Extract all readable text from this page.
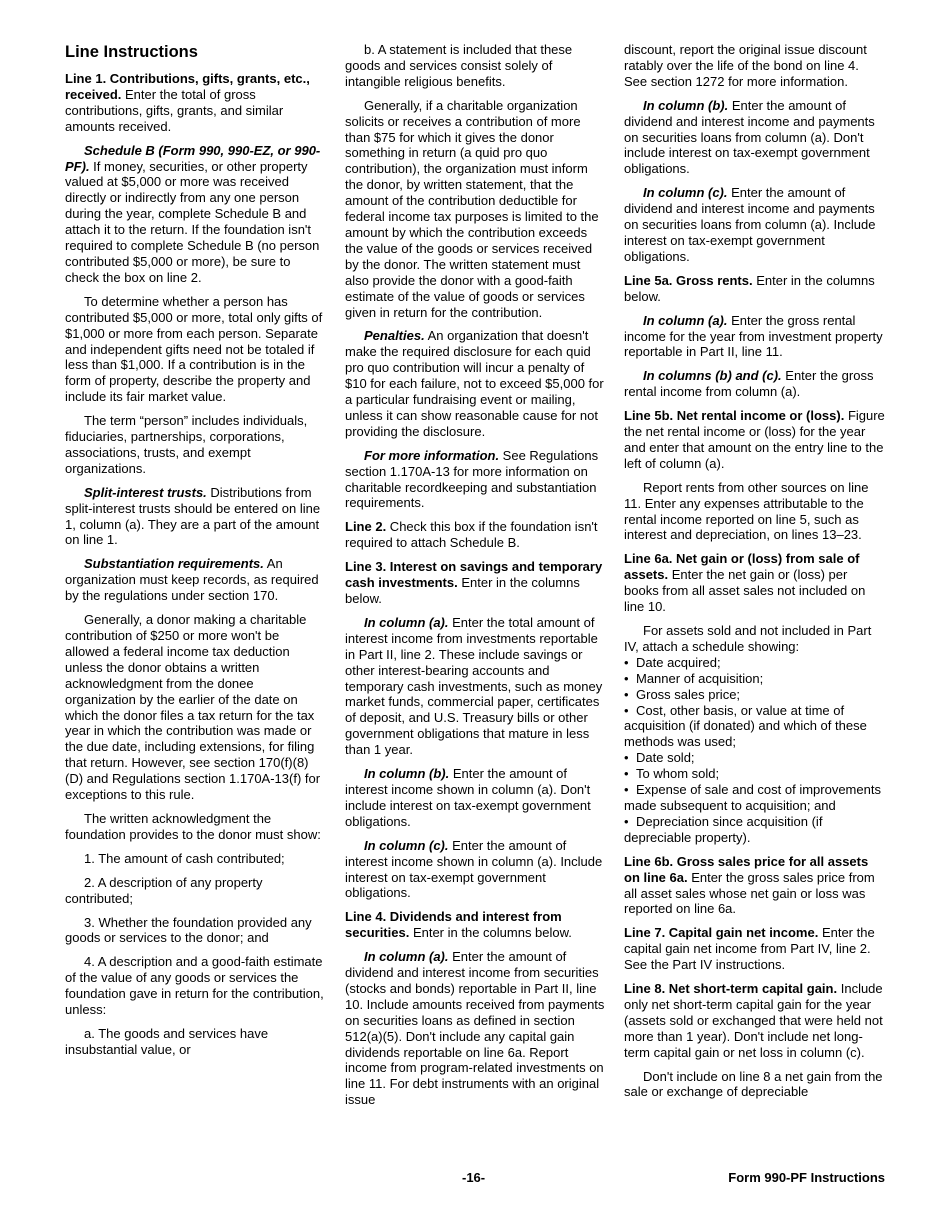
Line Instructions

Line 1. Contributions, gifts, grants, etc., received. Enter the total of gross contributions, gifts, grants, and similar amounts received.

Schedule B (Form 990, 990-EZ, or 990-PF). If money, securities, or other property valued at $5,000 or more was received directly or indirectly from any one person during the year, complete Schedule B and attach it to the return. If the foundation isn't required to complete Schedule B (no person contributed $5,000 or more), be sure to check the box on line 2.

To determine whether a person has contributed $5,000 or more, total only gifts of $1,000 or more from each person. Separate and independent gifts need not be totaled if less than $1,000. If a contribution is in the form of property, describe the property and include its fair market value.

The term “person” includes individuals, fiduciaries, partnerships, corporations, associations, trusts, and exempt organizations.

Split-interest trusts. Distributions from split-interest trusts should be entered on line 1, column (a). They are a part of the amount on line 1.

Substantiation requirements. An organization must keep records, as required by the regulations under section 170.

Generally, a donor making a charitable contribution of $250 or more won't be allowed a federal income tax deduction unless the donor obtains a written acknowledgment from the donee organization by the earlier of the date on which the donor files a tax return for the tax year in which the contribution was made or the due date, including extensions, for filing that return. However, see section 170(f)(8)(D) and Regulations section 1.170A-13(f) for exceptions to this rule.

The written acknowledgment the foundation provides to the donor must show:

1. The amount of cash contributed;

2. A description of any property contributed;

3. Whether the foundation provided any goods or services to the donor; and

4. A description and a good-faith estimate of the value of any goods or services the foundation gave in return for the contribution, unless:

a. The goods and services have insubstantial value, or

b. A statement is included that these goods and services consist solely of intangible religious benefits.

Generally, if a charitable organization solicits or receives a contribution of more than $75 for which it gives the donor something in return (a quid pro quo contribution), the organization must inform the donor, by written statement, that the amount of the contribution deductible for federal income tax purposes is limited to the amount by which the contribution exceeds the value of the goods or services received by the donor. The written statement must also provide the donor with a good-faith estimate of the value of goods or services given in return for the contribution.

Penalties. An organization that doesn't make the required disclosure for each quid pro quo contribution will incur a penalty of $10 for each failure, not to exceed $5,000 for a particular fundraising event or mailing, unless it can show reasonable cause for not providing the disclosure.

For more information. See Regulations section 1.170A-13 for more information on charitable recordkeeping and substantiation requirements.

Line 2. Check this box if the foundation isn't required to attach Schedule B.

Line 3. Interest on savings and temporary cash investments. Enter in the columns below.

In column (a). Enter the total amount of interest income from investments reportable in Part II, line 2. These include savings or other interest-bearing accounts and temporary cash investments, such as money market funds, commercial paper, certificates of deposit, and U.S. Treasury bills or other government obligations that mature in less than 1 year.

In column (b). Enter the amount of interest income shown in column (a). Don't include interest on tax-exempt government obligations.

In column (c). Enter the amount of interest income shown in column (a). Include interest on tax-exempt government obligations.

Line 4. Dividends and interest from securities. Enter in the columns below.

In column (a). Enter the amount of dividend and interest income from securities (stocks and bonds) reportable in Part II, line 10. Include amounts received from payments on securities loans as defined in section 512(a)(5). Don't include any capital gain dividends reportable on line 6a. Report income from program-related investments on line 11. For debt instruments with an original issue

discount, report the original issue discount ratably over the life of the bond on line 4. See section 1272 for more information.

In column (b). Enter the amount of dividend and interest income and payments on securities loans from column (a). Don't include interest on tax-exempt government obligations.

In column (c). Enter the amount of dividend and interest income and payments on securities loans from column (a). Include interest on tax-exempt government obligations.

Line 5a. Gross rents. Enter in the columns below.

In column (a). Enter the gross rental income for the year from investment property reportable in Part II, line 11.

In columns (b) and (c). Enter the gross rental income from column (a).

Line 5b. Net rental income or (loss). Figure the net rental income or (loss) for the year and enter that amount on the entry line to the left of column (a).

Report rents from other sources on line 11. Enter any expenses attributable to the rental income reported on line 5, such as interest and depreciation, on lines 13–23.

Line 6a. Net gain or (loss) from sale of assets. Enter the net gain or (loss) per books from all asset sales not included on line 10.

For assets sold and not included in Part IV, attach a schedule showing:

• Date acquired;
• Manner of acquisition;
• Gross sales price;
• Cost, other basis, or value at time of acquisition (if donated) and which of these methods was used;
• Date sold;
• To whom sold;
• Expense of sale and cost of improvements made subsequent to acquisition; and
• Depreciation since acquisition (if depreciable property).

Line 6b. Gross sales price for all assets on line 6a. Enter the gross sales price from all asset sales whose net gain or loss was reported on line 6a.

Line 7. Capital gain net income. Enter the capital gain net income from Part IV, line 2. See the Part IV instructions.

Line 8. Net short-term capital gain. Include only net short-term capital gain for the year (assets sold or exchanged that were held not more than 1 year). Don't include net long-term capital gain or net loss in column (c).

Don't include on line 8 a net gain from the sale or exchange of depreciable

-16-	Form 990-PF Instructions
